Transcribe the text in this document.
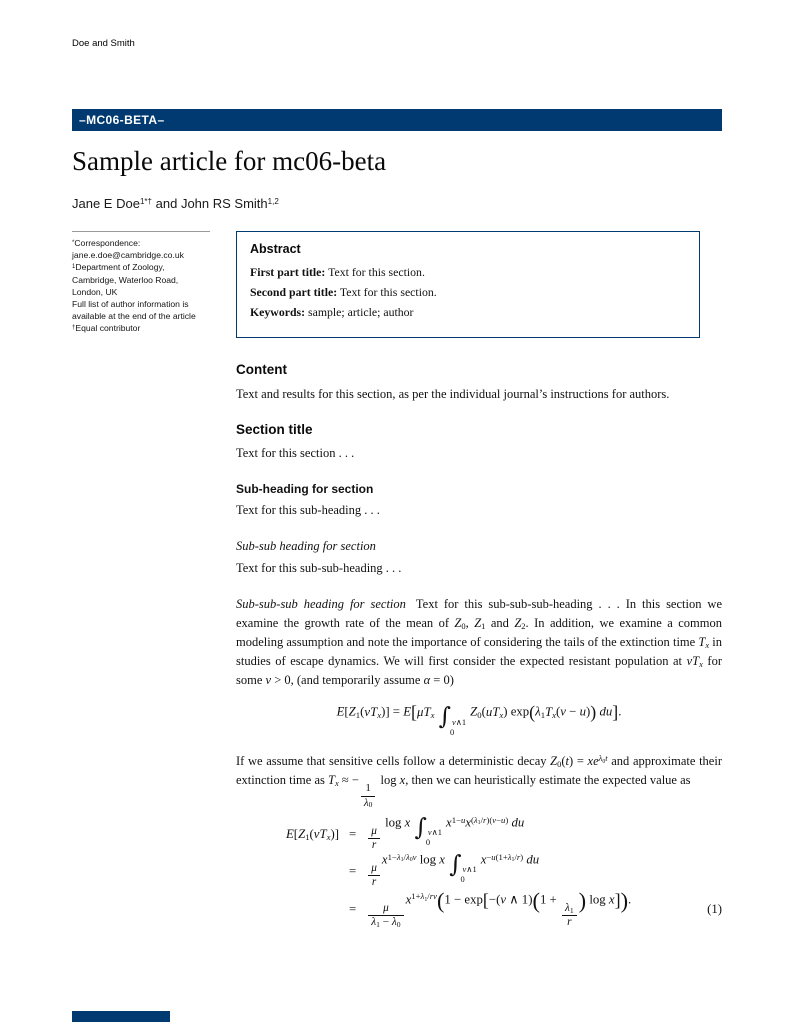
Doe and Smith
–MC06-BETA–
Sample article for mc06-beta
Jane E Doe$^{1*\dagger}$ and John RS Smith$^{1,2}$
*Correspondence:
jane.e.doe@cambridge.co.uk
$^1$Department of Zoology,
Cambridge, Waterloo Road,
London, UK
Full list of author information is
available at the end of the article
†Equal contributor
Abstract
First part title: Text for this section.
Second part title: Text for this section.
Keywords: sample; article; author
Content

Text and results for this section, as per the individual journal’s instructions for authors.

Section title

Text for this section . . .

Sub-heading for section

Text for this sub-heading . . .

Sub-sub heading for section

Text for this sub-sub-heading . . .

Sub-sub-sub heading for section Text for this sub-sub-sub-heading . . . In this section we examine the growth rate of the mean of $Z_0$, $Z_1$ and $Z_2$. In addition, we examine a common modeling assumption and note the importance of considering the tails of the extinction time $T_x$ in studies of escape dynamics. We will first consider the expected resistant population at $vT_x$ for some v > 0, (and temporarily assume α = 0)

$E[Z_1(vT_x)] = E[\mu T_x$ ∫ v∧1
0
$Z_0(uT_x) \exp(\lambda_1T_x(v - u))$ du].

If we assume that sensitive cells follow a deterministic decay $Z_0(t) = xe^{\lambda_0t}$ and approximate their extinction time as $T_x$ ≈ −
$\frac{1}{\lambda_0}$
log x, then we can heuristically estimate the expected value as

$E[Z_1(vT_x)] = \frac{\mu}{r}$
log x ∫ v∧1
0
$x^{1-u}x^{(\lambda_1/r)(v-u)}$ du
= $\frac{\mu}{r}$
$x^{1-\lambda_1/\lambda_0v}$ log x ∫ v∧1
0
$x^{-u(1+\lambda_1/r)}$ du
= $\frac{\mu}{\lambda_1 - \lambda_0}$
$x^{1+\lambda_1/rv}(1 - \exp[-(v$ ∧ 1)(1 +
$\frac{\lambda_1}{r}$
) log x]).
(1)
